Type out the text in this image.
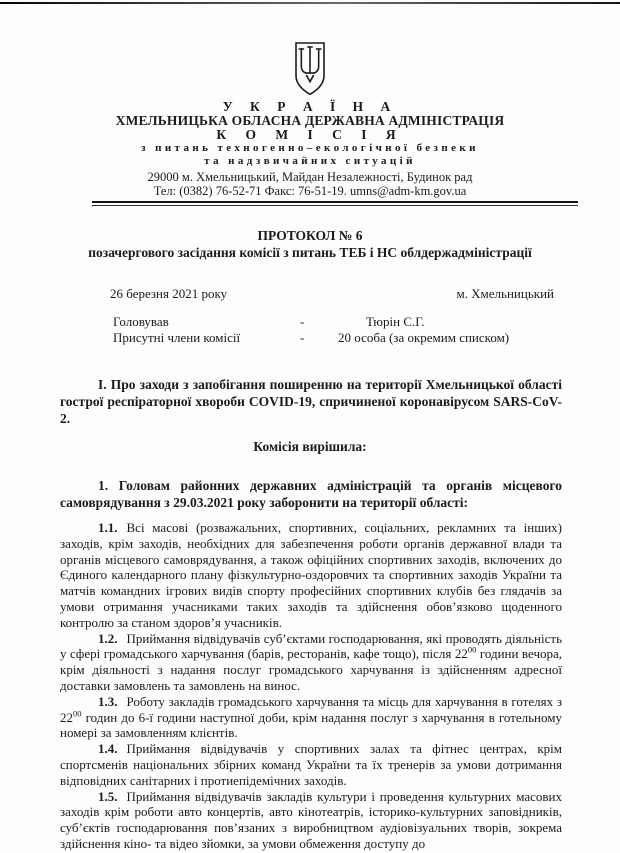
У К Р А Ї Н А
ХМЕЛЬНИЦЬКА ОБЛАСНА ДЕРЖАВНА АДМІНІСТРАЦІЯ
К О М І С І Я
з питань техногенно–екологічної безпеки
та надзвичайних ситуацій
29000 м. Хмельницький, Майдан Незалежності, Будинок рад
Тел: (0382) 76-52-71 Факс: 76-51-19. umns@adm-km.gov.ua
ПРОТОКОЛ № 6
позачергового засідання комісії з питань ТЕБ і НС облдержадміністрації
26 березня 2021 року	м. Хмельницький
Головував	-	Тюрін С.Г.
Присутні члени комісії	-	20 особа (за окремим списком)
І. Про заходи з запобігання поширенню на території Хмельницької області гострої респіраторної хвороби COVID-19, спричиненої коронавірусом SARS-CoV-2.
Комісія вирішила:
1. Головам районних державних адміністрацій та органів місцевого самоврядування з 29.03.2021 року заборонити на території області:

1.1. Всі масові (розважальних, спортивних, соціальних, рекламних та інших) заходів, крім заходів, необхідних для забезпечення роботи органів державної влади та органів місцевого самоврядування, а також офіційних спортивних заходів, включених до Єдиного календарного плану фізкультурно-оздоровчих та спортивних заходів України та матчів командних ігрових видів спорту професійних спортивних клубів без глядачів за умови отримання учасниками таких заходів та здійснення обов’язково щоденного контролю за станом здоров’я учасників.

1.2. Приймання відвідувачів суб’єктами господарювання, які проводять діяльність у сфері громадського харчування (барів, ресторанів, кафе тощо), після $22^{00}$ години вечора, крім діяльності з надання послуг громадського харчування із здійсненням адресної доставки замовлень та замовлень на винос.

1.3. Роботу закладів громадського харчування та місць для харчування в готелях з $22^{00}$ годин до 6-ї години наступної доби, крім надання послуг з харчування в готельному номері за замовленням клієнтів.

1.4. Приймання відвідувачів у спортивних залах та фітнес центрах, крім спортсменів національних збірних команд України та їх тренерів за умови дотримання відповідних санітарних і протиепідемічних заходів.

1.5. Приймання відвідувачів закладів культури і проведення культурних масових заходів крім роботи авто концертів, авто кінотеатрів, історико-культурних заповідників, суб’єктів господарювання пов’язаних з виробництвом аудіовізуальних творів, зокрема здійснення кіно- та відео зйомки, за умови обмеження доступу до
